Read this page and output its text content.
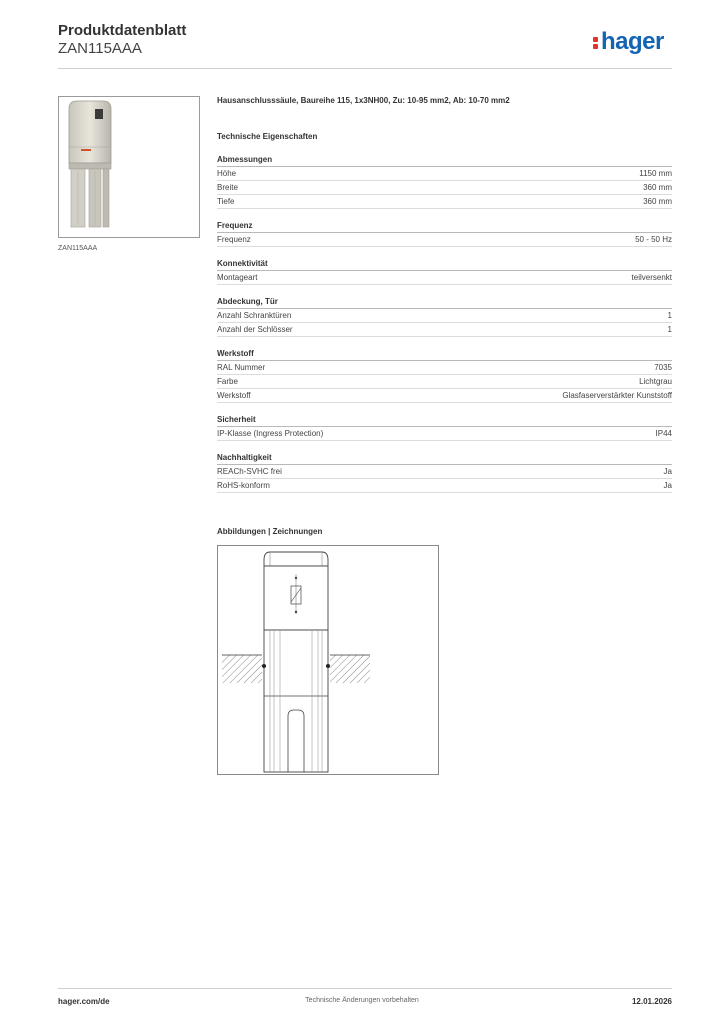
Produktdatenblatt
ZAN115AAA	hager
ZAN115AAA
Hausanschlusssäule, Baureihe 115, 1x3NH00, Zu: 10-95 mm2, Ab: 10-70 mm2
Technische Eigenschaften
Abmessungen
Höhe	1150 mm
Breite	360 mm
Tiefe	360 mm
Frequenz
Frequenz	50 - 50 Hz
Konnektivität
Montageart	teilversenkt
Abdeckung, Tür
Anzahl Schranktüren	1
Anzahl der Schlösser	1
Werkstoff
RAL Nummer	7035
Farbe	Lichtgrau
Werkstoff	Glasfaserverstärkter Kunststoff
Sicherheit
IP-Klasse (Ingress Protection)	IP44
Nachhaltigkeit
REACh-SVHC frei	Ja
RoHS-konform	Ja
Abbildungen | Zeichnungen
hager.com/de	Technische Änderungen vorbehalten	12.01.2026
